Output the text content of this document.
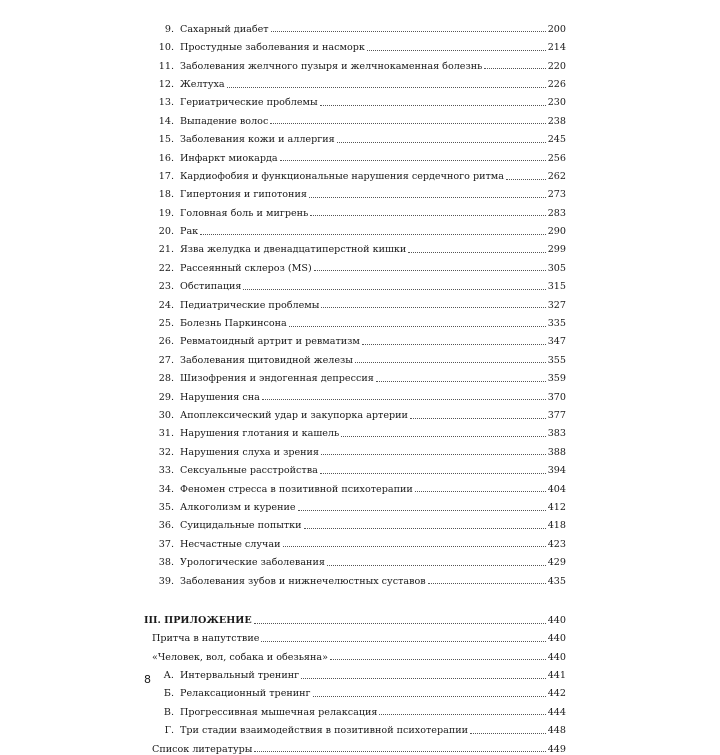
9. Сахарный диабет	200
10. Простудные заболевания и насморк	214
11. Заболевания желчного пузыря и желчнокаменная болезнь	220
12. Желтуха	226
13. Гериатрические проблемы	230
14. Выпадение волос	238
15. Заболевания кожи и аллергия	245
16. Инфаркт миокарда	256
17. Кардиофобия и функциональные нарушения сердечного ритма	262
18. Гипертония и гипотония	273
19. Головная боль и мигрень	283
20. Рак	290
21. Язва желудка и двенадцатиперстной кишки	299
22. Рассеянный склероз (MS)	305
23. Обстипация	315
24. Педиатрические проблемы	327
25. Болезнь Паркинсона	335
26. Ревматоидный артрит и ревматизм	347
27. Заболевания щитовидной железы	355
28. Шизофрения и эндогенная депрессия	359
29. Нарушения сна	370
30. Апоплексический удар и закупорка артерии	377
31. Нарушения глотания и кашель	383
32. Нарушения слуха и зрения	388
33. Сексуальные расстройства	394
34. Феномен стресса в позитивной психотерапии	404
35. Алкоголизм и курение	412
36. Суицидальные попытки	418
37. Несчастные случаи	423
38. Урологические заболевания	429
39. Заболевания зубов и нижнечелюстных суставов	435
III. ПРИЛОЖЕНИЕ	440
Притча в напутствие	440
«Человек, вол, собака и обезьяна»	440
А. Интервальный тренинг	441
Б. Релаксационный тренинг	442
В. Прогрессивная мышечная релаксация	444
Г. Три стадии взаимодействия в позитивной психотерапии	448
Список литературы	449
8
